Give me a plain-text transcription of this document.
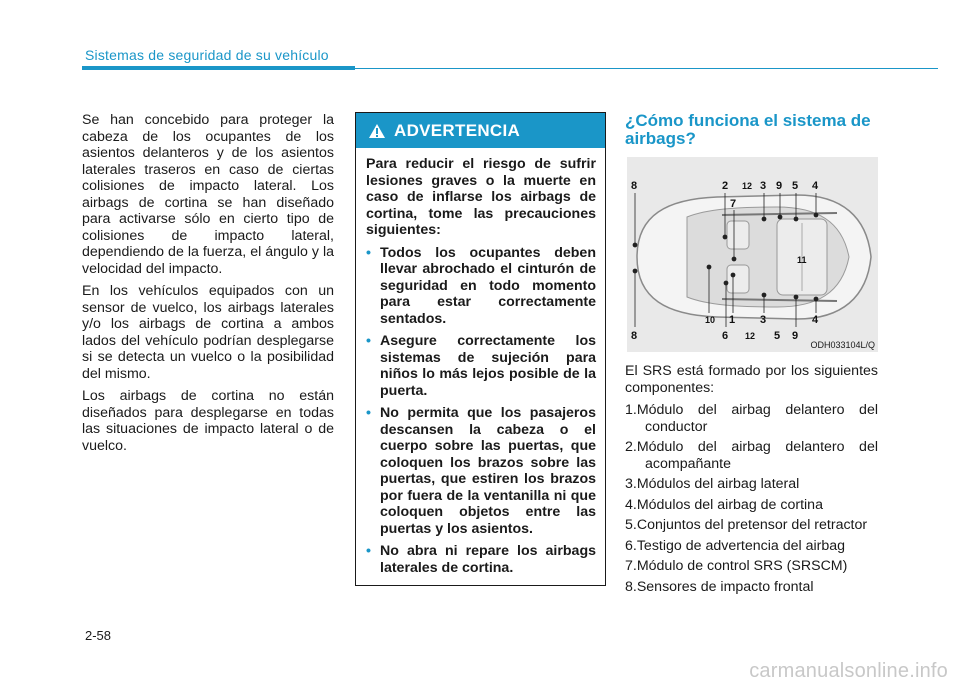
Sistemas de seguridad de su vehículo

Se han concebido para proteger la cabeza de los ocupantes de los asientos delanteros y de los asientos laterales traseros en caso de ciertas colisiones de impacto lateral. Los airbags de cortina se han diseñado para activarse sólo en cierto tipo de colisiones de impacto lateral, dependiendo de la fuerza, el ángulo y la velocidad del impacto.

En los vehículos equipados con un sensor de vuelco, los airbags laterales y/o los airbags de cortina a ambos lados del vehículo podrían desplegarse si se detecta un vuelco o la posibilidad del mismo.

Los airbags de cortina no están diseñados para desplegarse en todas las situaciones de impacto lateral o de vuelco.

ADVERTENCIA

Para reducir el riesgo de sufrir lesiones graves o la muerte en caso de inflarse los airbags de cortina, tome las precauciones siguientes:

• Todos los ocupantes deben llevar abrochado el cinturón de seguridad en todo momento para estar correctamente sentados.
• Asegure correctamente los sistemas de sujeción para niños lo más lejos posible de la puerta.
• No permita que los pasajeros descansen la cabeza o el cuerpo sobre las puertas, que coloquen los brazos sobre las puertas, que estiren los brazos por fuera de la ventanilla ni que coloquen objetos entre las puertas y los asientos.
• No abra ni repare los airbags laterales de cortina.
¿Cómo funciona el sistema de airbags?
8	2 12 3 9 5 4
7
11
8
10 1
6 12
3
5 9
4
ODH033104L/Q

El SRS está formado por los siguientes componentes:

1.Módulo del airbag delantero del conductor
2.Módulo del airbag delantero del acompañante
3.Módulos del airbag lateral
4.Módulos del airbag de cortina
5.Conjuntos del pretensor del retractor
6.Testigo de advertencia del airbag
7.Módulo de control SRS (SRSCM)
8.Sensores de impacto frontal
2-58
carmanualsonline.info
